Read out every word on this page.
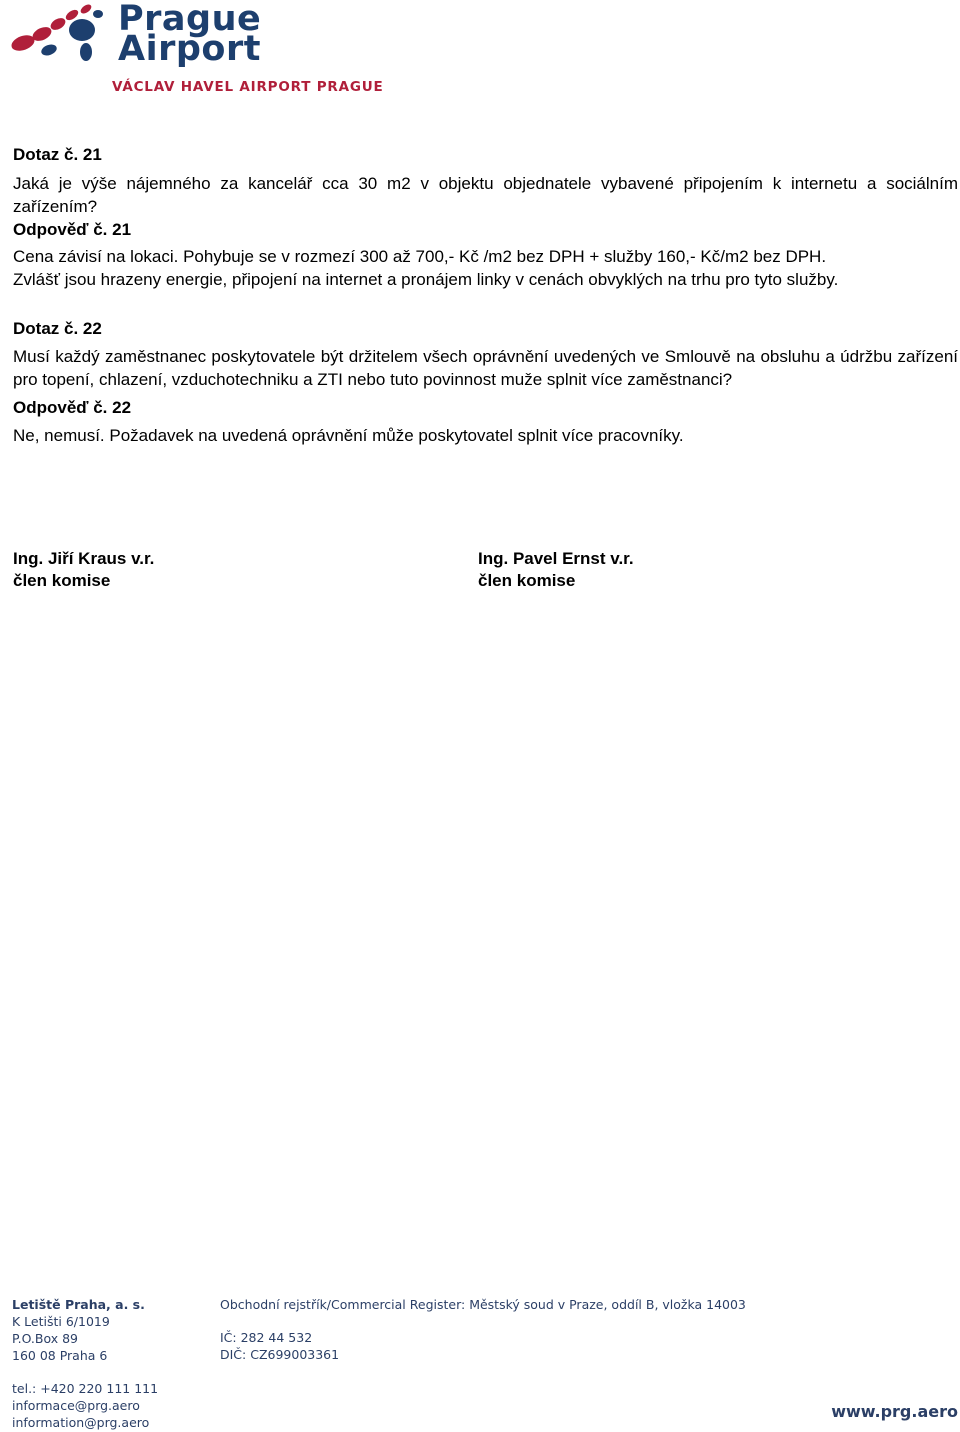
Prague
Airport
VÁCLAV HAVEL AIRPORT PRAGUE

Dotaz č. 21

Jaká je výše nájemného za kancelář cca 30 m2 v objektu objednatele vybavené připojením k internetu a sociálním zařízením?

Odpověď č. 21

Cena závisí na lokaci. Pohybuje se v rozmezí 300 až 700,- Kč /m2 bez DPH + služby 160,- Kč/m2 bez DPH.

Zvlášť jsou hrazeny energie, připojení na internet a pronájem linky v cenách obvyklých na trhu pro tyto služby.

Dotaz č. 22

Musí každý zaměstnanec poskytovatele být držitelem všech oprávnění uvedených ve Smlouvě na obsluhu a údržbu zařízení pro topení, chlazení, vzduchotechniku a ZTI nebo tuto povinnost muže splnit více zaměstnanci?

Odpověď č. 22

Ne, nemusí. Požadavek na uvedená oprávnění může poskytovatel splnit více pracovníky.

Ing. Jiří Kraus v.r.
člen komise
Ing. Pavel Ernst v.r.
člen komise
Letiště Praha, a. s.
K Letišti 6/1019
P.O.Box 89
160 08 Praha 6
Obchodní rejstřík/Commercial Register: Městský soud v Praze, oddíl B, vložka 14003
IČ: 282 44 532
DIČ: CZ699003361
tel.: +420 220 111 111
informace@prg.aero
information@prg.aero
www.prg.aero
